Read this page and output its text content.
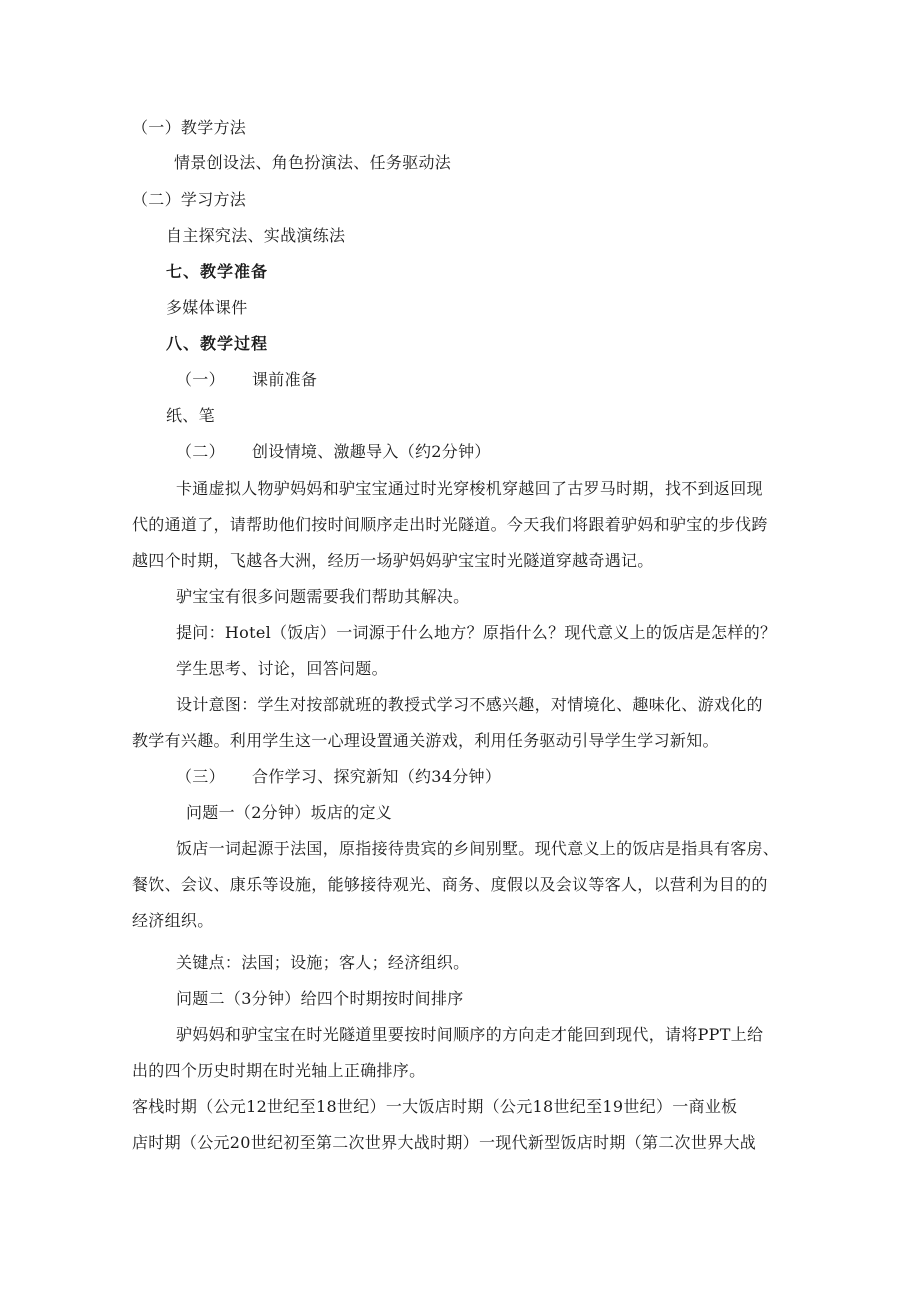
（一）教学方法
情景创设法、角色扮演法、任务驱动法
（二）学习方法
自主探究法、实战演练法
七、教学准备
多媒体课件
八、教学过程
（一） 课前准备
纸、笔
（二） 创设情境、激趣导入（约2分钟）
卡通虚拟人物驴妈妈和驴宝宝通过时光穿梭机穿越回了古罗马时期，找不到返回现
代的通道了，请帮助他们按时间顺序走出时光隧道。今天我们将跟着驴妈和驴宝的步伐跨
越四个时期，飞越各大洲，经历一场驴妈妈驴宝宝时光隧道穿越奇遇记。
驴宝宝有很多问题需要我们帮助其解决。
提问：Hotel（饭店）一词源于什么地方？原指什么？现代意义上的饭店是怎样的？
学生思考、讨论，回答问题。
设计意图：学生对按部就班的教授式学习不感兴趣，对情境化、趣味化、游戏化的
教学有兴趣。利用学生这一心理设置通关游戏，利用任务驱动引导学生学习新知。
（三） 合作学习、探究新知（约34分钟）
问题一（2分钟）坂店的定义
饭店一词起源于法国，原指接待贵宾的乡间别墅。现代意义上的饭店是指具有客房、
餐饮、会议、康乐等设施，能够接待观光、商务、度假以及会议等客人，以营利为目的的
经济组织。
关键点：法国；设施；客人；经济组织。
问题二（3分钟）给四个时期按时间排序
驴妈妈和驴宝宝在时光隧道里要按时间顺序的方向走才能回到现代，请将PPT上给
出的四个历史时期在时光轴上正确排序。
客栈时期（公元12世纪至18世纪）一大饭店时期（公元18世纪至19世纪）一商业板
店时期（公元20世纪初至第二次世界大战时期）一现代新型饭店时期（第二次世界大战
